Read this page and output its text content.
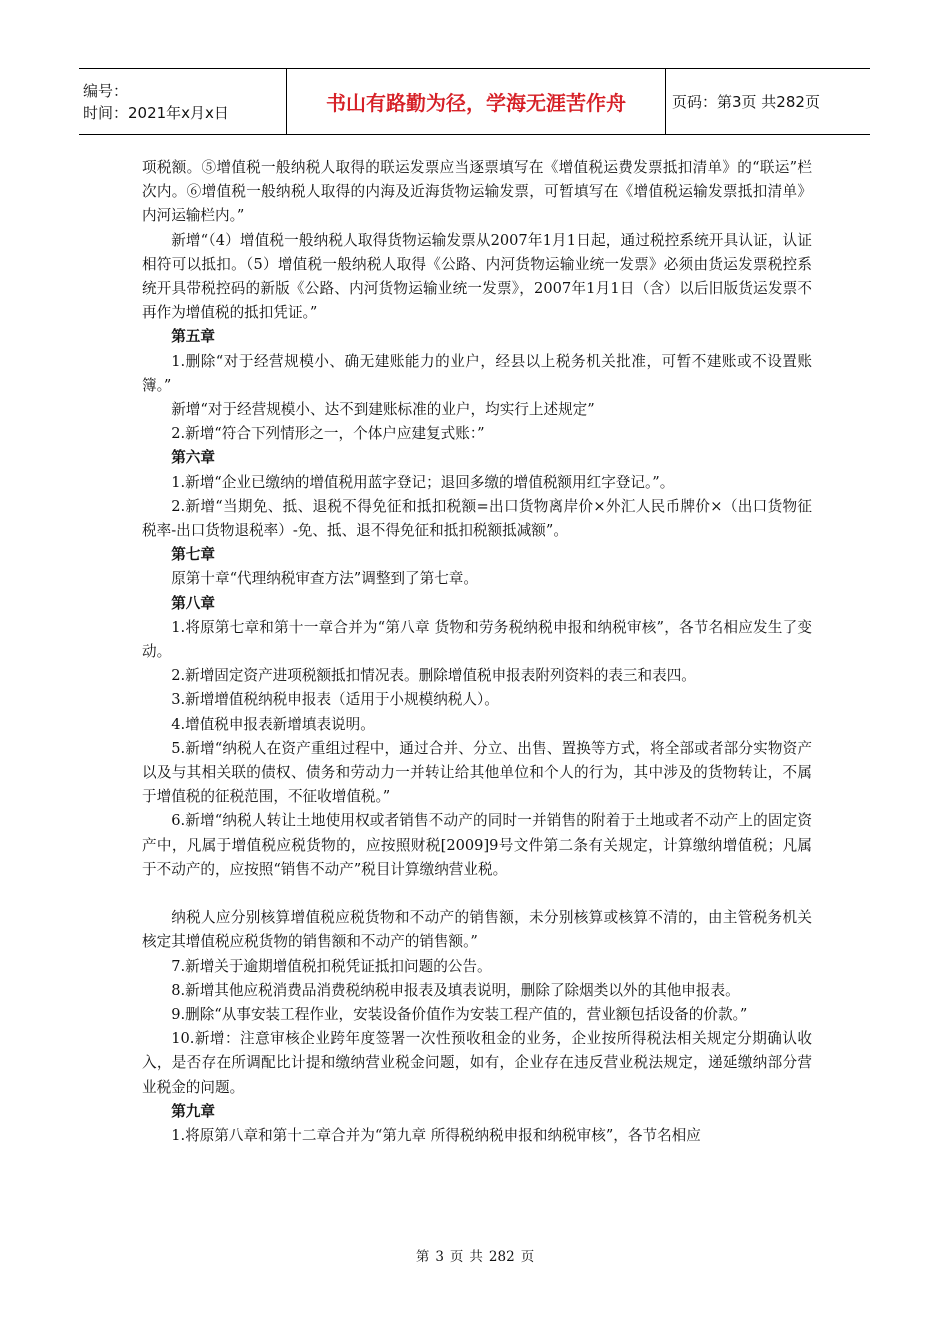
编号：
时间：2021年x月x日	书山有路勤为径，学海无涯苦作舟	页码：第3页 共282页

项税额。⑤增值税一般纳税人取得的联运发票应当逐票填写在《增值税运费发票抵扣清单》的“联运”栏次内。⑥增值税一般纳税人取得的内海及近海货物运输发票，可暂填写在《增值税运输发票抵扣清单》内河运输栏内。”

新增“（4）增值税一般纳税人取得货物运输发票从2007年1月1日起，通过税控系统开具认证，认证相符可以抵扣。（5）增值税一般纳税人取得《公路、内河货物运输业统一发票》必须由货运发票税控系统开具带税控码的新版《公路、内河货物运输业统一发票》，2007年1月1日（含）以后旧版货运发票不再作为增值税的抵扣凭证。”

第五章

1.删除“对于经营规模小、确无建账能力的业户，经县以上税务机关批准，可暂不建账或不设置账簿。”

新增“对于经营规模小、达不到建账标准的业户，均实行上述规定”

2.新增“符合下列情形之一，个体户应建复式账：”

第六章

1.新增“企业已缴纳的增值税用蓝字登记；退回多缴的增值税额用红字登记。”。

2.新增“当期免、抵、退税不得免征和抵扣税额=出口货物离岸价×外汇人民币牌价×（出口货物征税率-出口货物退税率）-免、抵、退不得免征和抵扣税额抵减额”。

第七章

原第十章“代理纳税审查方法”调整到了第七章。

第八章

1.将原第七章和第十一章合并为“第八章 货物和劳务税纳税申报和纳税审核”，各节名相应发生了变动。

2.新增固定资产进项税额抵扣情况表。删除增值税申报表附列资料的表三和表四。

3.新增增值税纳税申报表（适用于小规模纳税人）。

4.增值税申报表新增填表说明。

5.新增“纳税人在资产重组过程中，通过合并、分立、出售、置换等方式，将全部或者部分实物资产以及与其相关联的债权、债务和劳动力一并转让给其他单位和个人的行为，其中涉及的货物转让，不属于增值税的征税范围，不征收增值税。”

6.新增“纳税人转让土地使用权或者销售不动产的同时一并销售的附着于土地或者不动产上的固定资产中，凡属于增值税应税货物的，应按照财税[2009]9号文件第二条有关规定，计算缴纳增值税；凡属于不动产的，应按照“销售不动产”税目计算缴纳营业税。

纳税人应分别核算增值税应税货物和不动产的销售额，未分别核算或核算不清的，由主管税务机关核定其增值税应税货物的销售额和不动产的销售额。”

7.新增关于逾期增值税扣税凭证抵扣问题的公告。

8.新增其他应税消费品消费税纳税申报表及填表说明，删除了除烟类以外的其他申报表。

9.删除“从事安装工程作业，安装设备价值作为安装工程产值的，营业额包括设备的价款。”

10.新增：注意审核企业跨年度签署一次性预收租金的业务，企业按所得税法相关规定分期确认收入，是否存在所调配比计提和缴纳营业税金问题，如有，企业存在违反营业税法规定，递延缴纳部分营业税金的问题。

第九章

1.将原第八章和第十二章合并为“第九章 所得税纳税申报和纳税审核”，各节名相应

第 3 页 共 282 页
